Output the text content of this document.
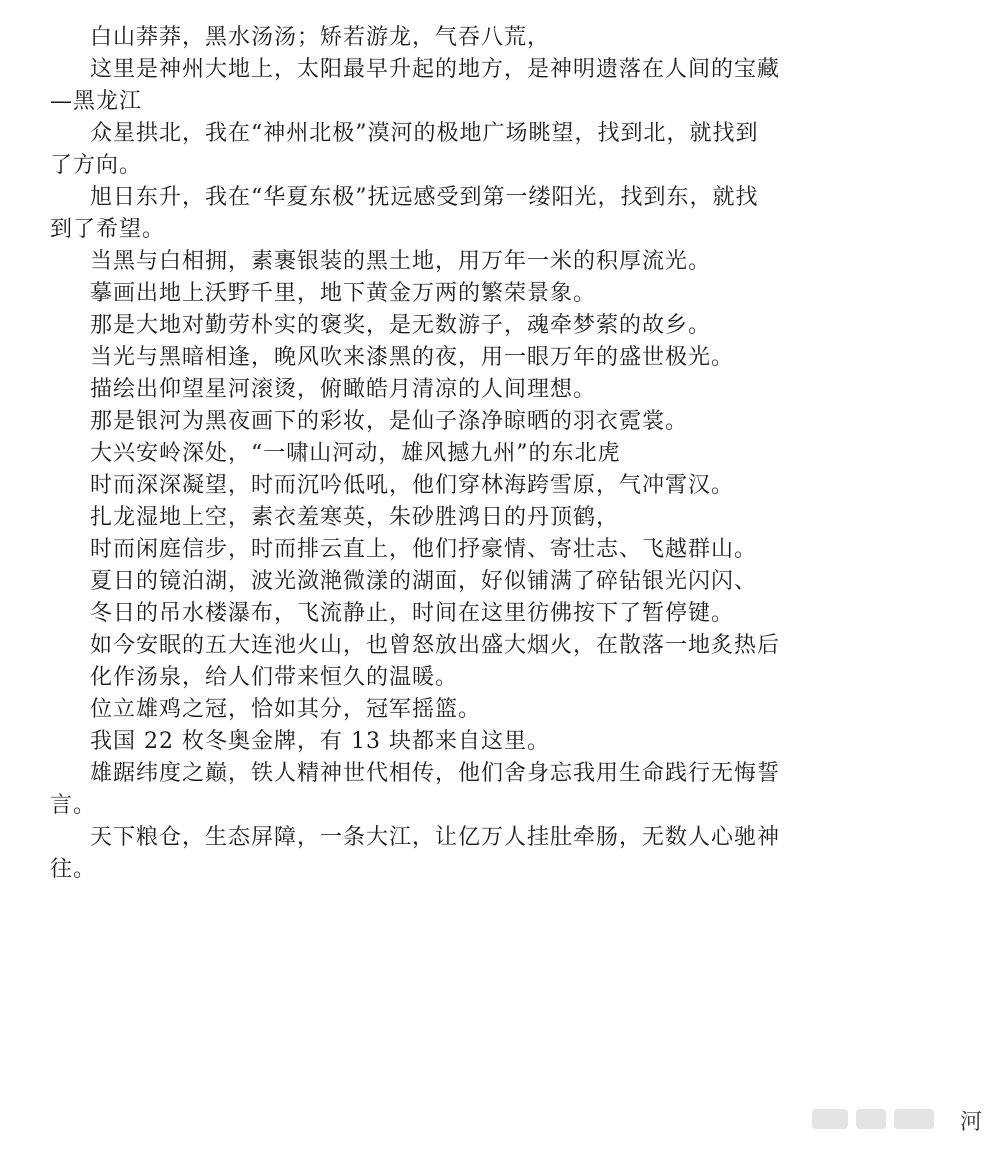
白山莽莽，黑水汤汤；矫若游龙，气吞八荒，
这里是神州大地上，太阳最早升起的地方，是神明遗落在人间的宝藏
—黑龙江
众星拱北，我在“神州北极”漠河的极地广场眺望，找到北，就找到
了方向。
旭日东升，我在“华夏东极”抚远感受到第一缕阳光，找到东，就找
到了希望。
当黑与白相拥，素裹银装的黑土地，用万年一米的积厚流光。
摹画出地上沃野千里，地下黄金万两的繁荣景象。
那是大地对勤劳朴实的褒奖，是无数游子，魂牵梦萦的故乡。
当光与黑暗相逢，晚风吹来漆黑的夜，用一眼万年的盛世极光。
描绘出仰望星河滚烫，俯瞰皓月清凉的人间理想。
那是银河为黑夜画下的彩妆，是仙子涤净晾晒的羽衣霓裳。
大兴安岭深处，“一啸山河动，雄风撼九州”的东北虎
时而深深凝望，时而沉吟低吼，他们穿林海跨雪原，气冲霄汉。
扎龙湿地上空，素衣羞寒英，朱砂胜鸿日的丹顶鹤，
时而闲庭信步，时而排云直上，他们抒豪情、寄壮志、飞越群山。
夏日的镜泊湖，波光潋滟微漾的湖面，好似铺满了碎钻银光闪闪、
冬日的吊水楼瀑布，飞流静止，时间在这里彷佛按下了暂停键。
如今安眠的五大连池火山，也曾怒放出盛大烟火，在散落一地炙热后
化作汤泉，给人们带来恒久的温暖。
位立雄鸡之冠，恰如其分，冠军摇篮。
我国 22 枚冬奥金牌，有 13 块都来自这里。
雄踞纬度之巅，铁人精神世代相传，他们舍身忘我用生命践行无悔誓
言。
天下粮仓，生态屏障，一条大江，让亿万人挂肚牵肠，无数人心驰神
往。
河
